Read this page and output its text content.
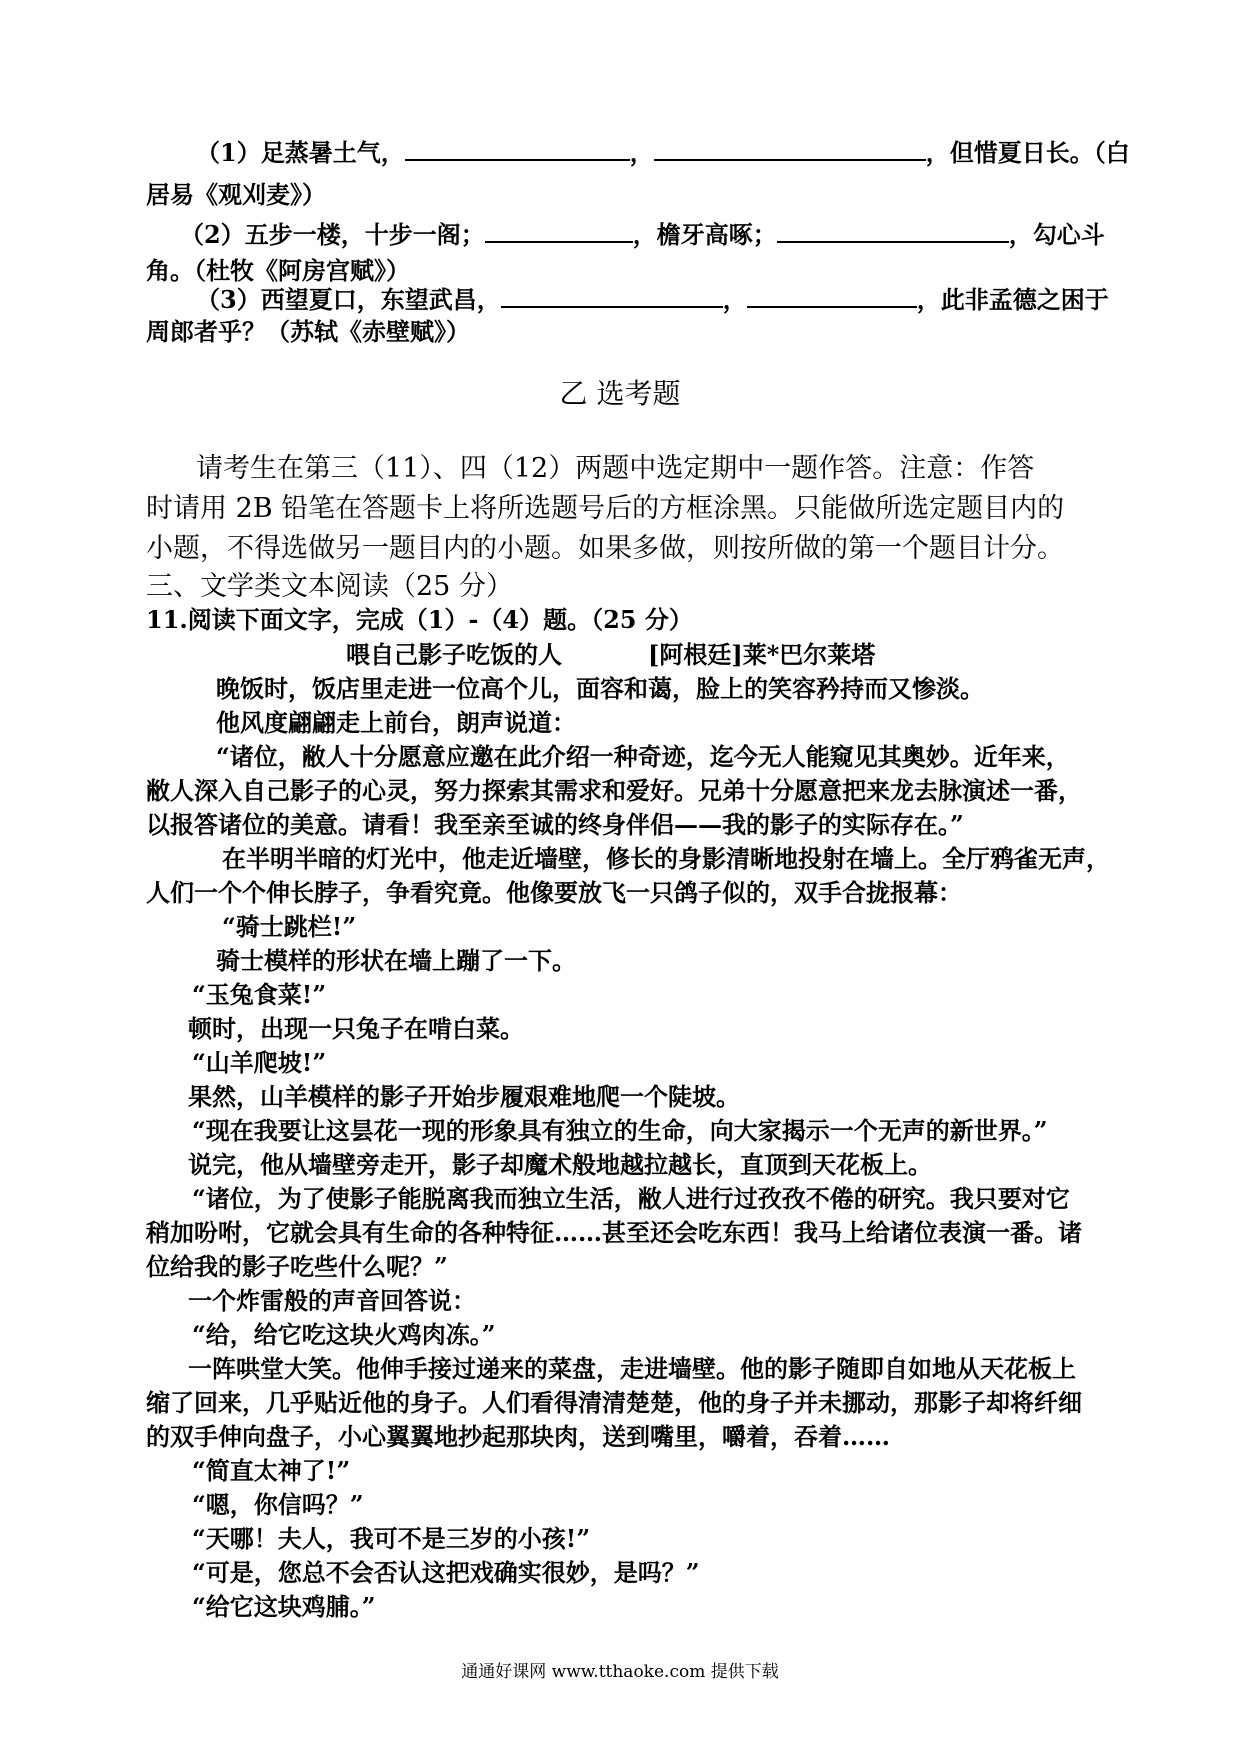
（1）足蒸暑土气，	，	，但惜夏日长。（白
居易《观刈麦》）
（2）五步一楼，十步一阁；	，檐牙高啄；	，勾心斗
角。（杜牧《阿房宫赋》）
（3）西望夏口，东望武昌，	，	，此非孟德之困于
周郎者乎？（苏轼《赤壁赋》）
乙 选考题
请考生在第三（11）、四（12）两题中选定期中一题作答。注意：作答
时请用 2B 铅笔在答题卡上将所选题号后的方框涂黑。只能做所选定题目内的
小题，不得选做另一题目内的小题。如果多做，则按所做的第一个题目计分。
三、文学类文本阅读（25 分）
11.阅读下面文字，完成（1）-（4）题。（25 分）
喂自己影子吃饭的人	[阿根廷]莱*巴尔莱塔
晚饭时，饭店里走进一位高个儿，面容和蔼，脸上的笑容矜持而又惨淡。
他风度翩翩走上前台，朗声说道：
“诸位，敝人十分愿意应邀在此介绍一种奇迹，迄今无人能窥见其奥妙。近年来，
敝人深入自己影子的心灵，努力探索其需求和爱好。兄弟十分愿意把来龙去脉演述一番，
以报答诸位的美意。请看！我至亲至诚的终身伴侣——我的影子的实际存在。”
在半明半暗的灯光中，他走近墙壁，修长的身影清晰地投射在墙上。全厅鸦雀无声，
人们一个个伸长脖子，争看究竟。他像要放飞一只鸽子似的，双手合拢报幕：
“骑士跳栏!”
骑士模样的形状在墙上蹦了一下。
“玉兔食菜!”
顿时，出现一只兔子在啃白菜。
“山羊爬坡!”
果然，山羊模样的影子开始步履艰难地爬一个陡坡。
“现在我要让这昙花一现的形象具有独立的生命，向大家揭示一个无声的新世界。”
说完，他从墙壁旁走开，影子却魔术般地越拉越长，直顶到天花板上。
“诸位，为了使影子能脱离我而独立生活，敝人进行过孜孜不倦的研究。我只要对它
稍加吩咐，它就会具有生命的各种特征……甚至还会吃东西！我马上给诸位表演一番。诸
位给我的影子吃些什么呢？”
一个炸雷般的声音回答说：
“给，给它吃这块火鸡肉冻。”
一阵哄堂大笑。他伸手接过递来的菜盘，走进墙壁。他的影子随即自如地从天花板上
缩了回来，几乎贴近他的身子。人们看得清清楚楚，他的身子并未挪动，那影子却将纤细
的双手伸向盘子，小心翼翼地抄起那块肉，送到嘴里，嚼着，吞着……
“简直太神了!”
“嗯，你信吗？”
“天哪！夫人，我可不是三岁的小孩!”
“可是，您总不会否认这把戏确实很妙，是吗？”
“给它这块鸡脯。”
通通好课网 www.tthaoke.com 提供下载
